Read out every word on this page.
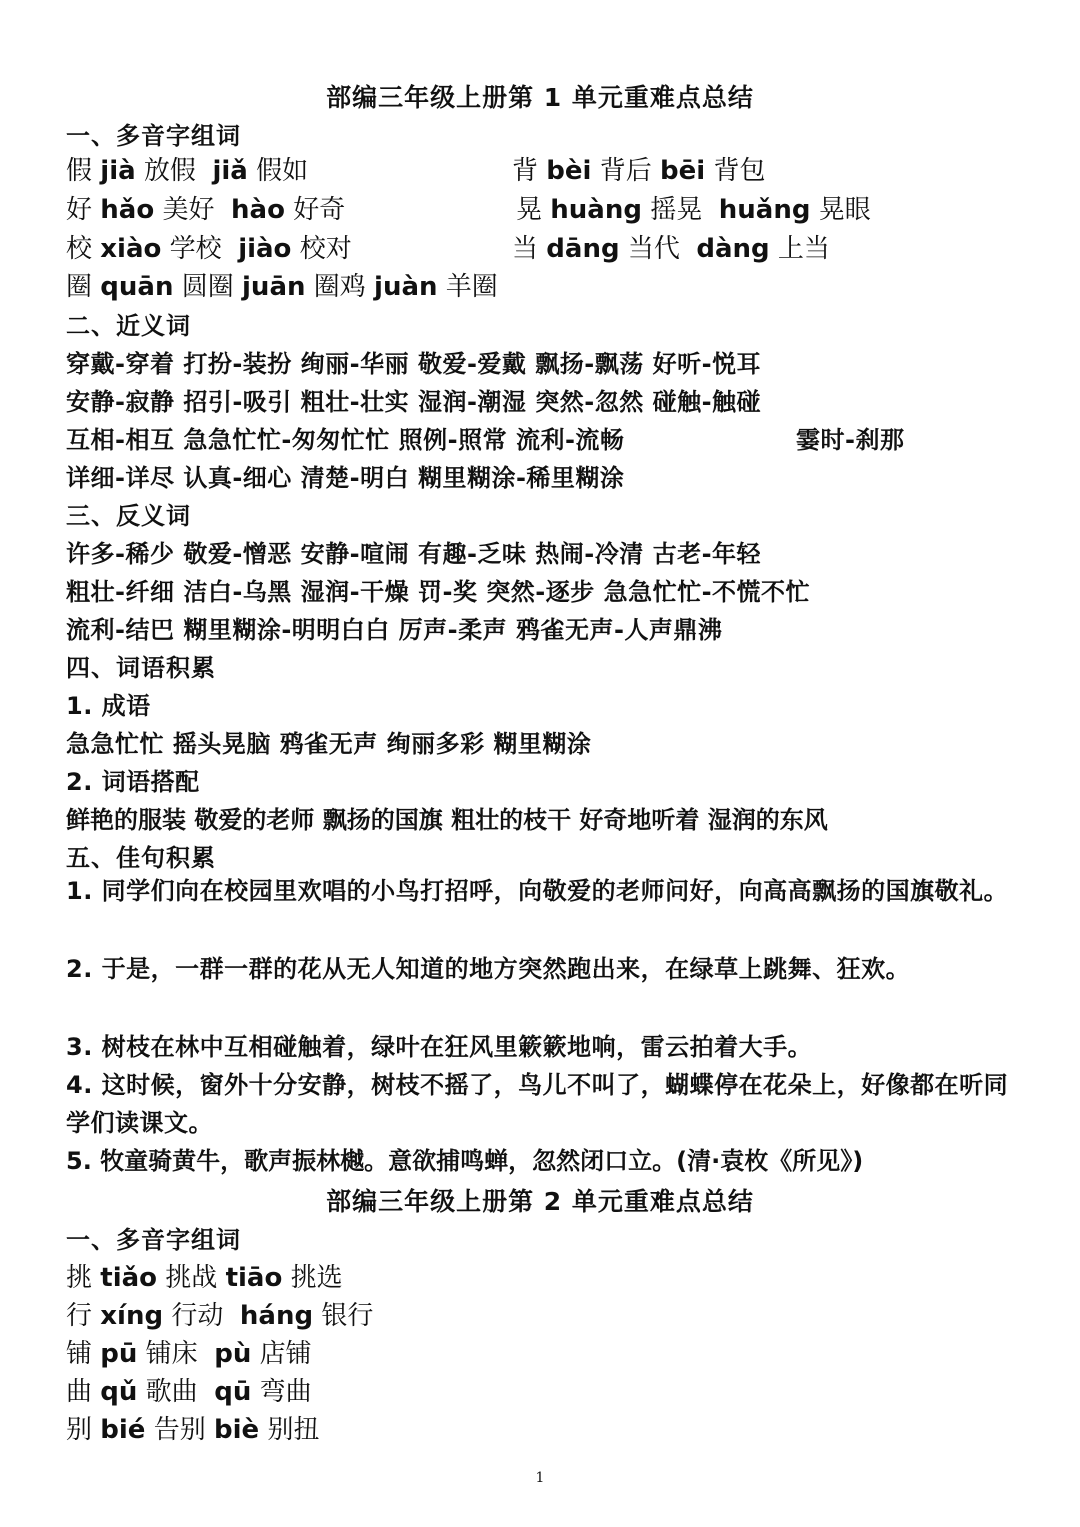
部编三年级上册第 1 单元重难点总结
一、多音字组词
假 jià 放假 jiǎ 假如	背 bèi 背后 bēi 背包
好 hǎo 美好 hào 好奇	晃 huàng 摇晃 huǎng 晃眼
校 xiào 学校 jiào 校对	当 dāng 当代 dàng 上当
圈 quān 圆圈 juān 圈鸡 juàn 羊圈
二、近义词
穿戴-穿着 打扮-装扮 绚丽-华丽 敬爱-爱戴 飘扬-飘荡 好听-悦耳
安静-寂静 招引-吸引 粗壮-壮实 湿润-潮湿 突然-忽然 碰触-触碰
互相-相互 急急忙忙-匆匆忙忙 照例-照常 流利-流畅	霎时-刹那
详细-详尽 认真-细心 清楚-明白 糊里糊涂-稀里糊涂
三、反义词
许多-稀少 敬爱-憎恶 安静-喧闹 有趣-乏味 热闹-冷清 古老-年轻
粗壮-纤细 洁白-乌黑 湿润-干燥 罚-奖 突然-逐步 急急忙忙-不慌不忙
流利-结巴 糊里糊涂-明明白白 厉声-柔声 鸦雀无声-人声鼎沸
四、词语积累
1. 成语
急急忙忙 摇头晃脑 鸦雀无声 绚丽多彩 糊里糊涂
2. 词语搭配
鲜艳的服装 敬爱的老师 飘扬的国旗 粗壮的枝干 好奇地听着 湿润的东风
五、佳句积累
1. 同学们向在校园里欢唱的小鸟打招呼，向敬爱的老师问好，向高高飘扬的国旗敬礼。
2. 于是，一群一群的花从无人知道的地方突然跑出来，在绿草上跳舞、狂欢。
3. 树枝在林中互相碰触着，绿叶在狂风里簌簌地响，雷云拍着大手。
4. 这时候，窗外十分安静，树枝不摇了，鸟儿不叫了，蝴蝶停在花朵上，好像都在听同学们读课文。
5. 牧童骑黄牛，歌声振林樾。意欲捕鸣蝉，忽然闭口立。(清·袁枚《所见》)
部编三年级上册第 2 单元重难点总结
一、多音字组词
挑 tiǎo 挑战 tiāo 挑选
行 xíng 行动 háng 银行
铺 pū 铺床 pù 店铺
曲 qǔ 歌曲 qū 弯曲
别 bié 告别 biè 别扭
1
